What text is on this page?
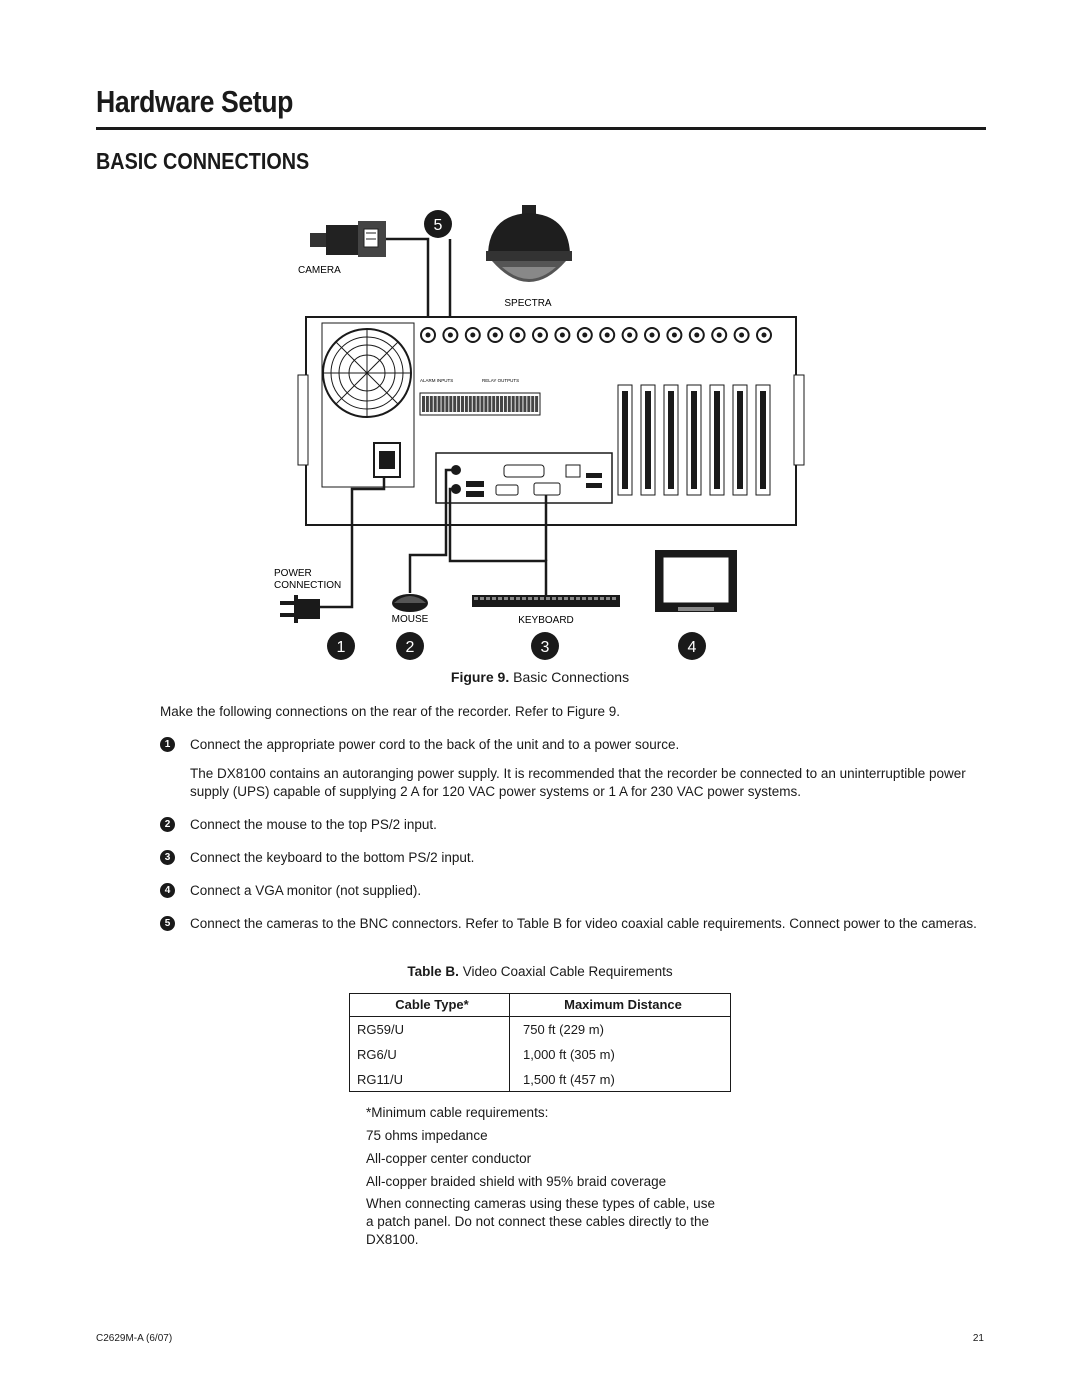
Hardware Setup
BASIC CONNECTIONS
CAMERA
5
SPECTRA
ALARM INPUTS	RELAY OUTPUTS
POWER
CONNECTION
MOUSE	KEYBOARD
1	2	3	4
Figure 9. Basic Connections
Make the following connections on the rear of the recorder. Refer to Figure 9.
1	Connect the appropriate power cord to the back of the unit and to a power source.
The DX8100 contains an autoranging power supply. It is recommended that the recorder be connected to an uninterruptible power supply (UPS) capable of supplying 2 A for 120 VAC power systems or 1 A for 230 VAC power systems.
2	Connect the mouse to the top PS/2 input.
3	Connect the keyboard to the bottom PS/2 input.
4	Connect a VGA monitor (not supplied).
5	Connect the cameras to the BNC connectors. Refer to Table B for video coaxial cable requirements. Connect power to the cameras.
Table B. Video Coaxial Cable Requirements
Cable Type*	Maximum Distance
RG59/U	750 ft (229 m)
RG6/U	1,000 ft (305 m)
RG11/U	1,500 ft (457 m)
*Minimum cable requirements:
75 ohms impedance
All-copper center conductor
All-copper braided shield with 95% braid coverage
When connecting cameras using these types of cable, use a patch panel. Do not connect these cables directly to the DX8100.
C2629M-A (6/07)	21
